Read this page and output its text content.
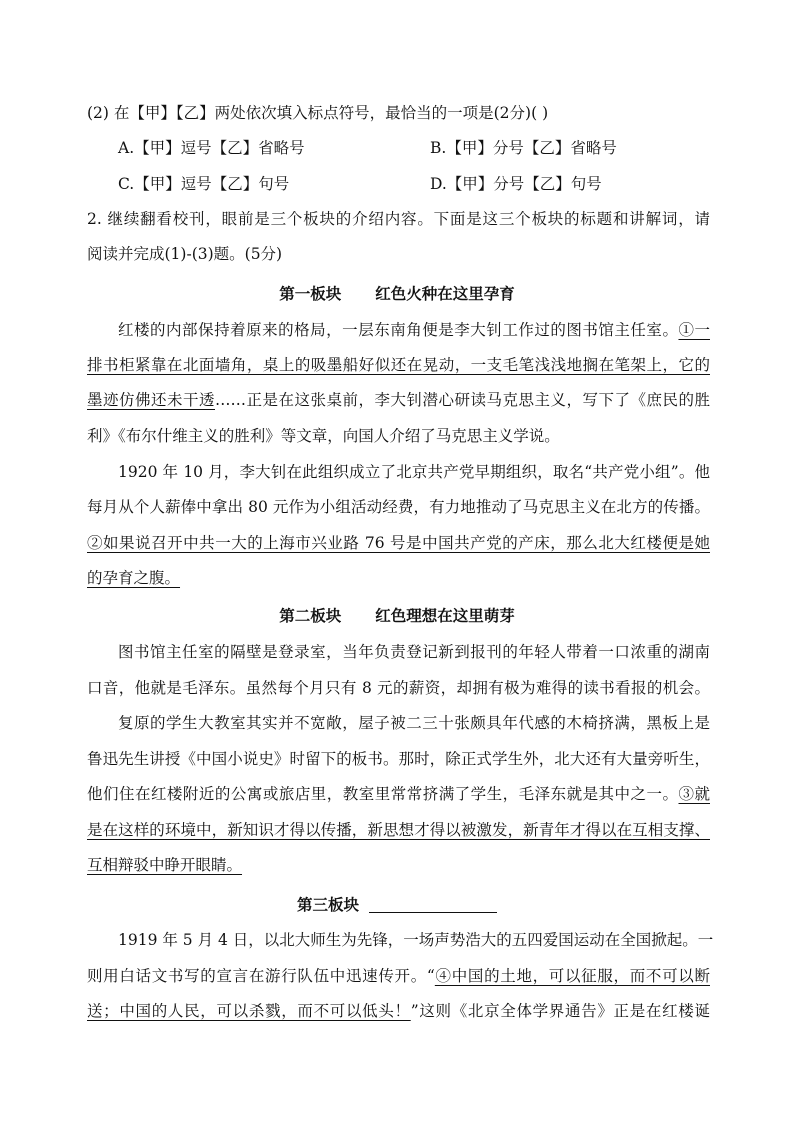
(2) 在【甲】【乙】两处依次填入标点符号，最恰当的一项是(2分)( )
A.【甲】逗号【乙】省略号	B.【甲】分号【乙】省略号
C.【甲】逗号【乙】句号	D.【甲】分号【乙】句号
2. 继续翻看校刊，眼前是三个板块的介绍内容。下面是这三个板块的标题和讲解词，请
阅读并完成(1)-(3)题。(5分)
第一板块 红色火种在这里孕育
红楼的内部保持着原来的格局，一层东南角便是李大钊工作过的图书馆主任室。①一
排书柜紧靠在北面墙角，桌上的吸墨船好似还在晃动，一支毛笔浅浅地搁在笔架上，它的
墨迹仿佛还未干透……正是在这张桌前，李大钊潜心研读马克思主义，写下了《庶民的胜
利》《布尔什维主义的胜利》等文章，向国人介绍了马克思主义学说。
1920 年 10 月，李大钊在此组织成立了北京共产党早期组织，取名“共产党小组”。他
每月从个人薪俸中拿出 80 元作为小组活动经费，有力地推动了马克思主义在北方的传播。
②如果说召开中共一大的上海市兴业路 76 号是中国共产党的产床，那么北大红楼便是她
的孕育之腹。
第二板块 红色理想在这里萌芽
图书馆主任室的隔壁是登录室，当年负责登记新到报刊的年轻人带着一口浓重的湖南
口音，他就是毛泽东。虽然每个月只有 8 元的薪资，却拥有极为难得的读书看报的机会。
复原的学生大教室其实并不宽敞，屋子被二三十张颇具年代感的木椅挤满，黑板上是
鲁迅先生讲授《中国小说史》时留下的板书。那时，除正式学生外，北大还有大量旁听生，
他们住在红楼附近的公寓或旅店里，教室里常常挤满了学生，毛泽东就是其中之一。③就
是在这样的环境中，新知识才得以传播，新思想才得以被激发，新青年才得以在互相支撑、
互相辩驳中睁开眼睛。
第三板块
1919 年 5 月 4 日，以北大师生为先锋，一场声势浩大的五四爱国运动在全国掀起。一
则用白话文书写的宣言在游行队伍中迅速传开。“④中国的土地，可以征服，而不可以断
送；中国的人民，可以杀戮，而不可以低头！”这则《北京全体学界通告》正是在红楼诞
